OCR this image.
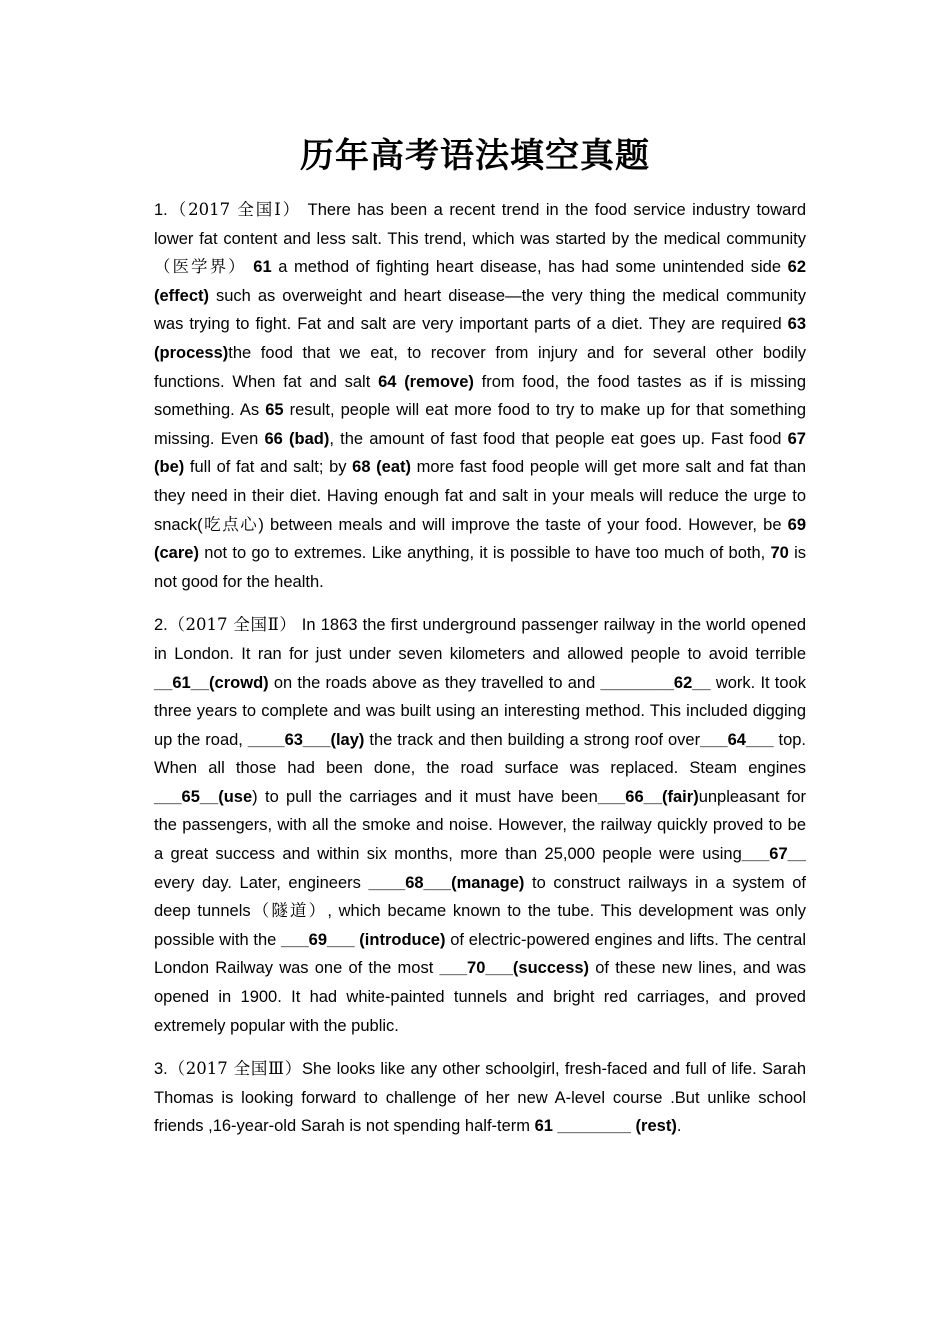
历年高考语法填空真题

1.（2017 全国Ⅰ） There has been a recent trend in the food service industry toward lower fat content and less salt. This trend, which was started by the medical community（医学界） 61 a method of fighting heart disease, has had some unintended side 62 (effect) such as overweight and heart disease—the very thing the medical community was trying to fight. Fat and salt are very important parts of a diet. They are required 63 (process)the food that we eat, to recover from injury and for several other bodily functions. When fat and salt 64 (remove) from food, the food tastes as if is missing something. As 65 result, people will eat more food to try to make up for that something missing. Even 66 (bad), the amount of fast food that people eat goes up. Fast food 67 (be) full of fat and salt; by 68 (eat) more fast food people will get more salt and fat than they need in their diet. Having enough fat and salt in your meals will reduce the urge to snack(吃点心) between meals and will improve the taste of your food. However, be 69 (care) not to go to extremes. Like anything, it is possible to have too much of both, 70 is not good for the health.

2.（2017 全国Ⅱ） In 1863 the first underground passenger railway in the world opened in London. It ran for just under seven kilometers and allowed people to avoid terrible __61__(crowd) on the roads above as they travelled to and ________62__ work. It took three years to complete and was built using an interesting method. This included digging up the road, ____63___(lay) the track and then building a strong roof over___64___ top. When all those had been done, the road surface was replaced. Steam engines ___65__(use) to pull the carriages and it must have been___66__(fair)unpleasant for the passengers, with all the smoke and noise. However, the railway quickly proved to be a great success and within six months, more than 25,000 people were using___67__ every day. Later, engineers ____68___(manage) to construct railways in a system of deep tunnels（隧道）, which became known to the tube. This development was only possible with the ___69___ (introduce) of electric-powered engines and lifts. The central London Railway was one of the most ___70___(success) of these new lines, and was opened in 1900. It had white-painted tunnels and bright red carriages, and proved extremely popular with the public.

3.（2017 全国Ⅲ）She looks like any other schoolgirl, fresh-faced and full of life. Sarah Thomas is looking forward to challenge of her new A-level course .But unlike school friends ,16-year-old Sarah is not spending half-term 61 ________ (rest).
